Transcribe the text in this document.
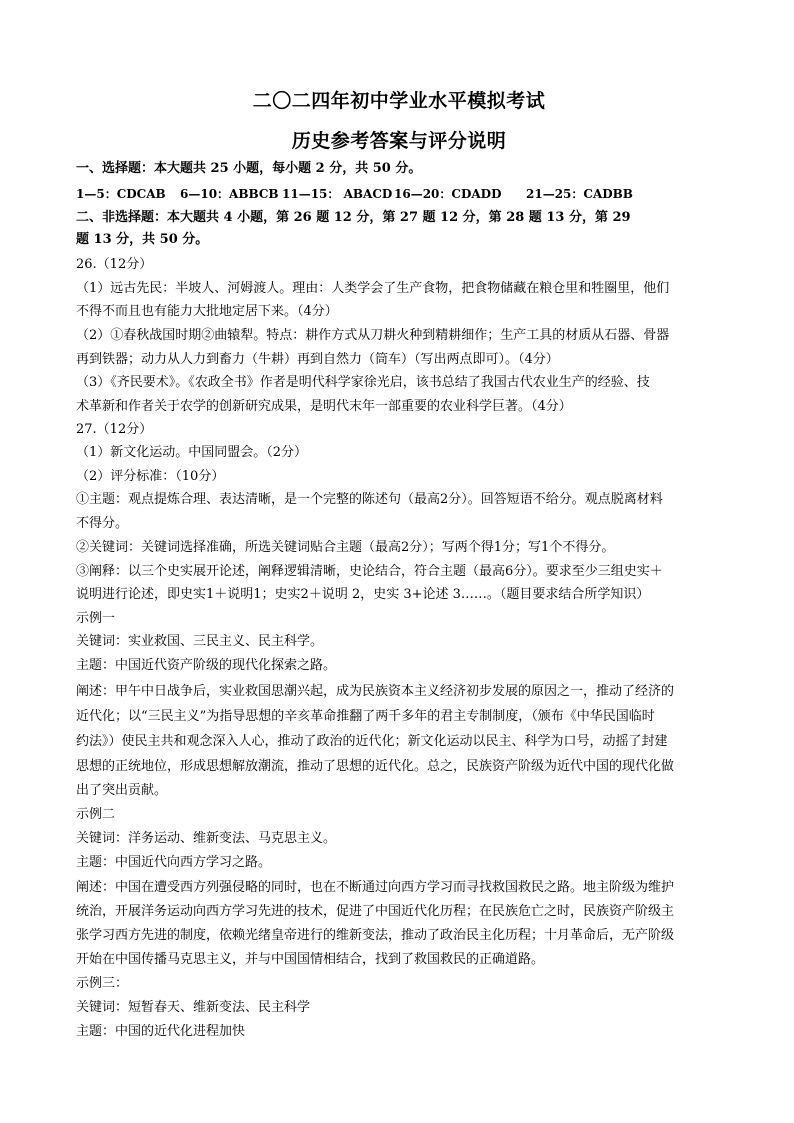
二〇二四年初中学业水平模拟考试
历史参考答案与评分说明
一、选择题：本大题共 25 小题，每小题 2 分，共 50 分。
1—5：CDCAB 6—10：ABBCB 11—15： ABACD 16—20：CDADD 21—25：CADBB
二、非选择题：本大题共 4 小题，第 26 题 12 分，第 27 题 12 分，第 28 题 13 分，第 29
题 13 分，共 50 分。
26.（12分）
（1）远古先民：半坡人、河姆渡人。理由：人类学会了生产食物，把食物储藏在粮仓里和牲圈里，他们
不得不而且也有能力大批地定居下来。（4分）
（2）①春秋战国时期②曲辕犁。特点：耕作方式从刀耕火种到精耕细作；生产工具的材质从石器、骨器
再到铁器；动力从人力到畜力（牛耕）再到自然力（筒车）（写出两点即可）。（4分）
（3）《齐民要术》。《农政全书》作者是明代科学家徐光启，该书总结了我国古代农业生产的经验、技
术革新和作者关于农学的创新研究成果，是明代末年一部重要的农业科学巨著。（4分）
27.（12分）
（1）新文化运动。中国同盟会。（2分）
（2）评分标准：（10分）
①主题：观点提炼合理、表达清晰，是一个完整的陈述句（最高2分）。回答短语不给分。观点脱离材料
不得分。
②关键词：关键词选择准确，所选关键词贴合主题（最高2分）；写两个得1分；写1个不得分。
③阐释：以三个史实展开论述，阐释逻辑清晰，史论结合，符合主题（最高6分）。要求至少三组史实＋
说明进行论述，即史实1＋说明1；史实2＋说明 2，史实 3+论述 3……。（题目要求结合所学知识）
示例一
关键词：实业救国、三民主义、民主科学。
主题：中国近代资产阶级的现代化探索之路。
阐述：甲午中日战争后，实业救国思潮兴起，成为民族资本主义经济初步发展的原因之一，推动了经济的
近代化；以“三民主义”为指导思想的辛亥革命推翻了两千多年的君主专制制度，（颁布《中华民国临时
约法》）使民主共和观念深入人心，推动了政治的近代化；新文化运动以民主、科学为口号，动摇了封建
思想的正统地位，形成思想解放潮流，推动了思想的近代化。总之，民族资产阶级为近代中国的现代化做
出了突出贡献。
示例二
关键词：洋务运动、维新变法、马克思主义。
主题：中国近代向西方学习之路。
阐述：中国在遭受西方列强侵略的同时，也在不断通过向西方学习而寻找救国救民之路。地主阶级为维护
统治，开展洋务运动向西方学习先进的技术，促进了中国近代化历程；在民族危亡之时，民族资产阶级主
张学习西方先进的制度，依赖光绪皇帝进行的维新变法，推动了政治民主化历程；十月革命后，无产阶级
开始在中国传播马克思主义，并与中国国情相结合，找到了救国救民的正确道路。
示例三：
关键词：短暂春天、维新变法、民主科学
主题：中国的近代化进程加快
